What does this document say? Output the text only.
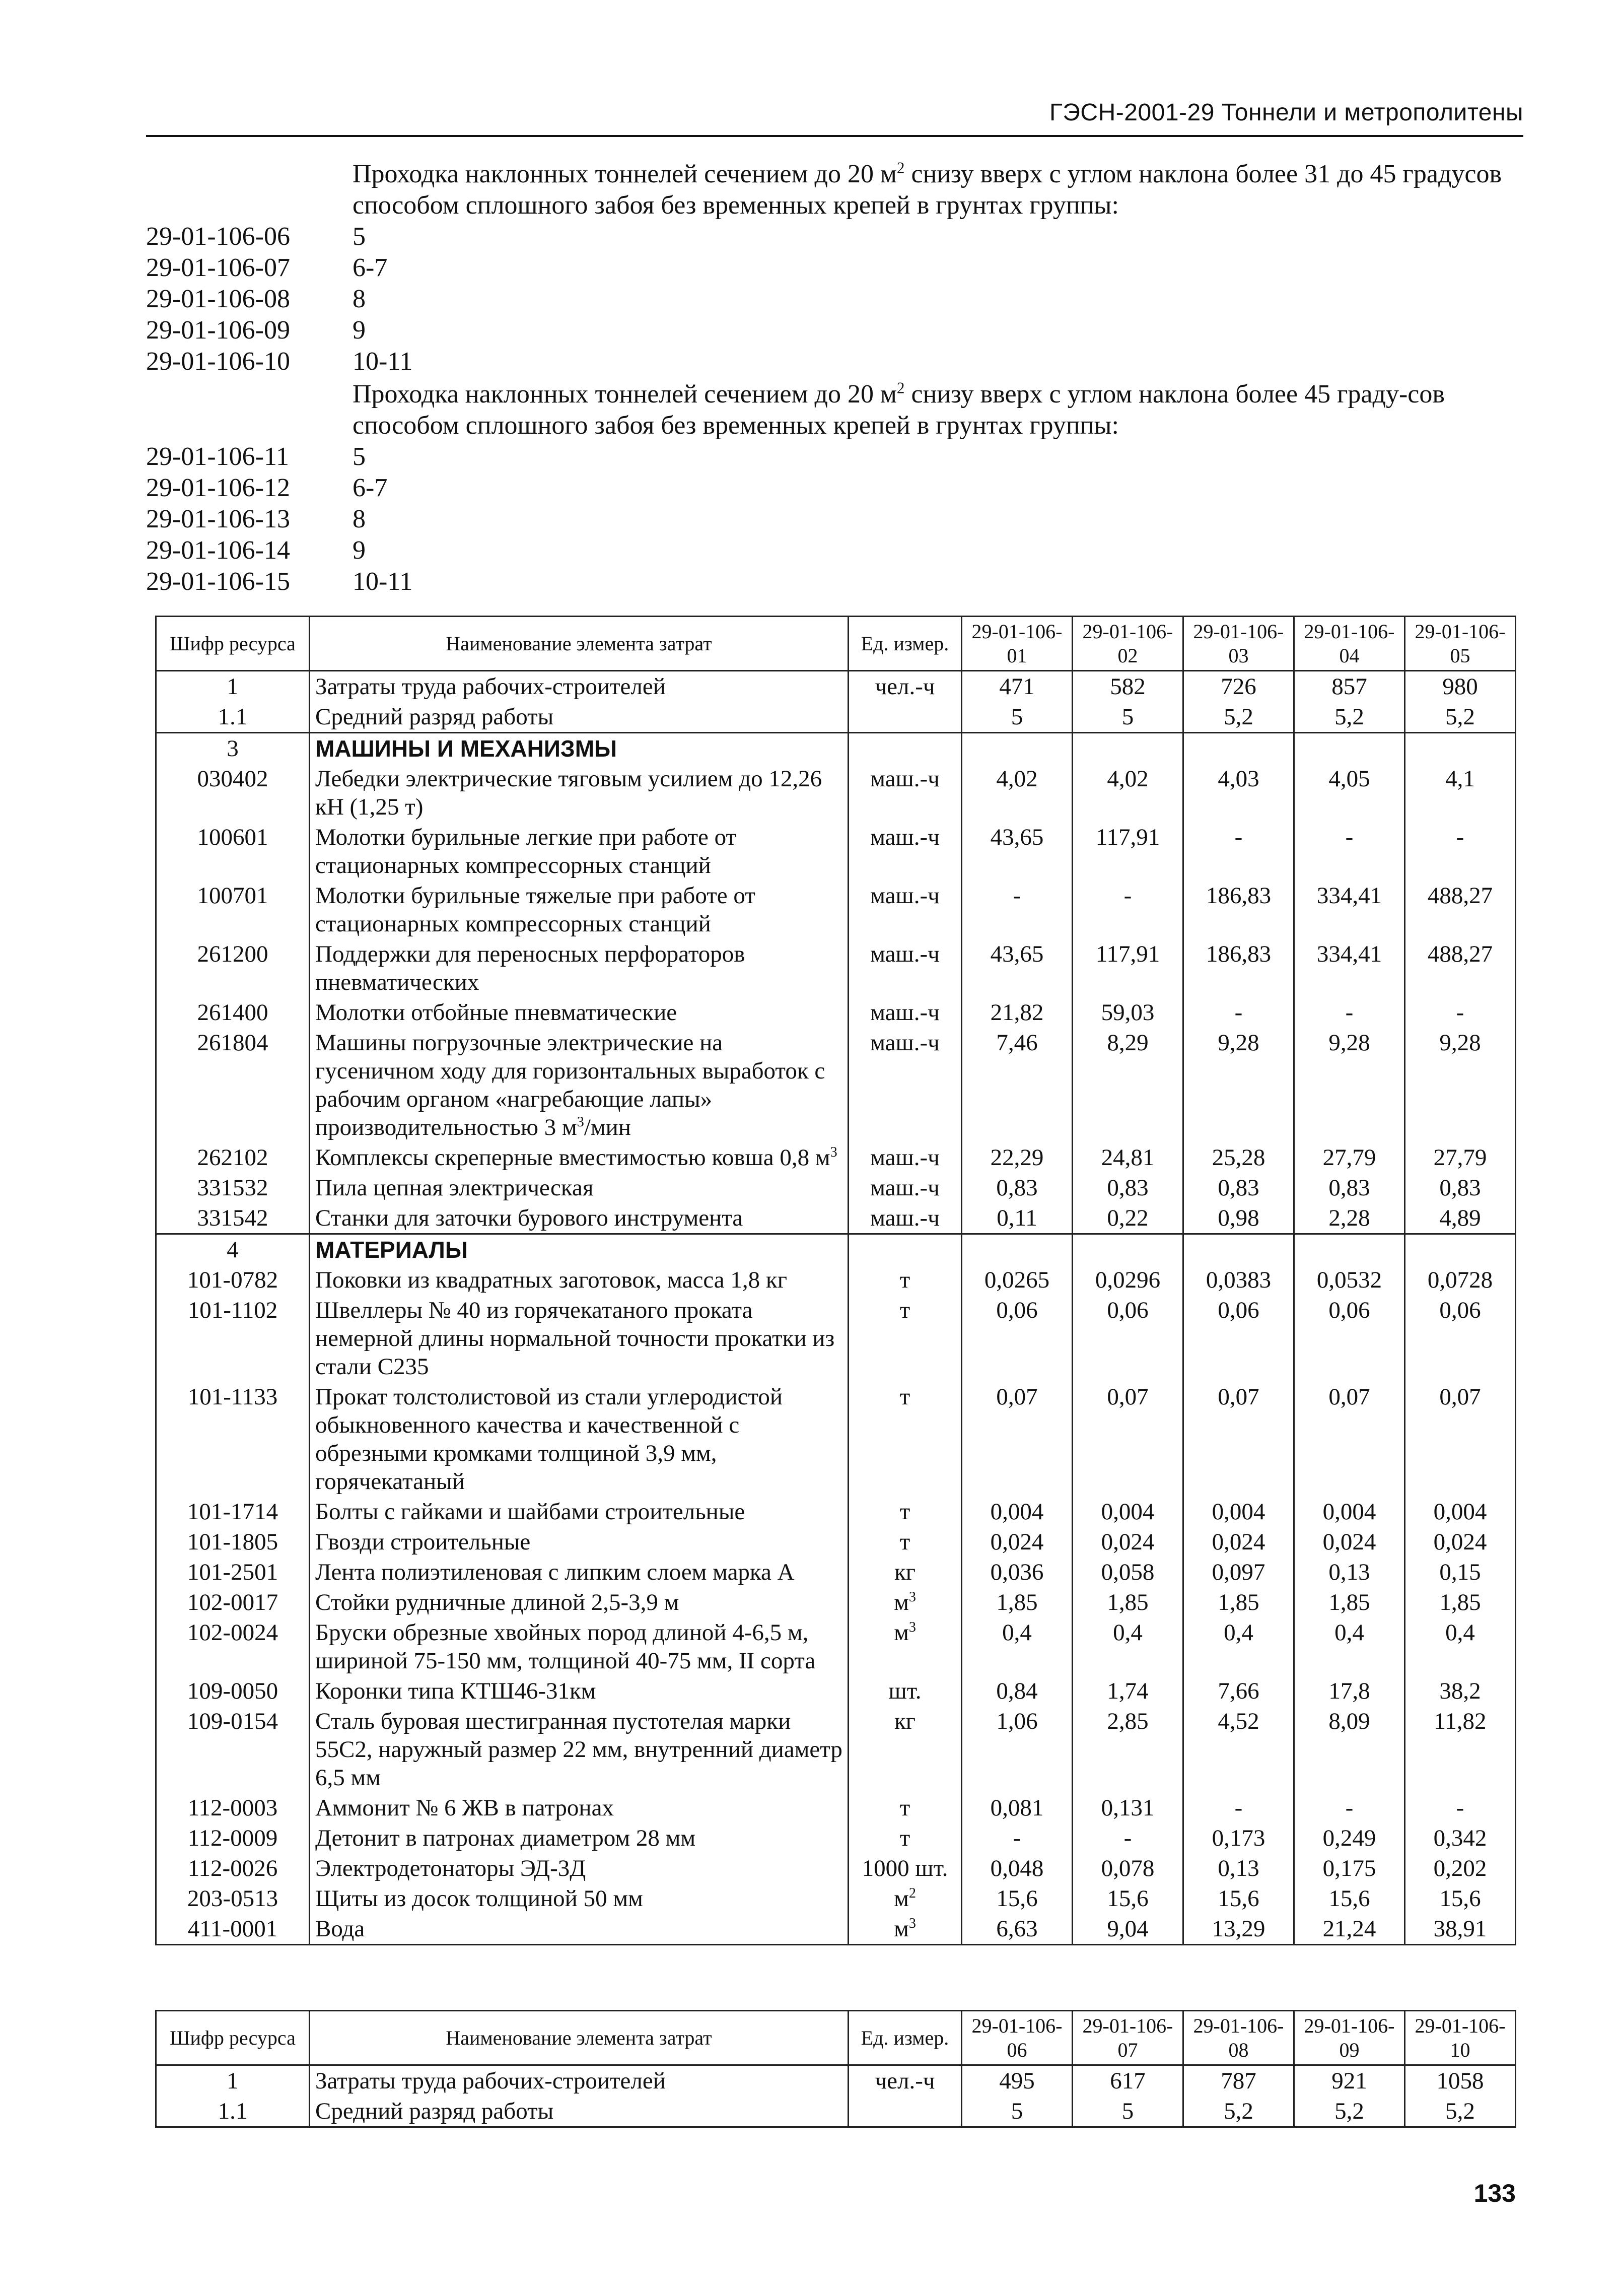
ГЭСН-2001-29 Тоннели и метрополитены
Проходка наклонных тоннелей сечением до 20 $м^2$ снизу вверх с углом наклона более 31 до 45 градусов способом сплошного забоя без временных крепей в грунтах группы:
29-01-106-06	5
29-01-106-07	6-7
29-01-106-08	8
29-01-106-09	9
29-01-106-10	10-11
Проходка наклонных тоннелей сечением до 20 $м^2$ снизу вверх с углом наклона более 45 граду-сов способом сплошного забоя без временных крепей в грунтах группы:
29-01-106-11	5
29-01-106-12	6-7
29-01-106-13	8
29-01-106-14	9
29-01-106-15	10-11
Шифр ресурса	Наименование элемента затрат	Ед. измер.	29-01-106-01	29-01-106-02	29-01-106-03	29-01-106-04	29-01-106-05
1	Затраты труда рабочих-строителей	чел.-ч	471	582	726	857	980
1.1	Средний разряд работы		5	5	5,2	5,2	5,2
3	МАШИНЫ И МЕХАНИЗМЫ						
030402	Лебедки электрические тяговым усилием до 12,26 кН (1,25 т)	маш.-ч	4,02	4,02	4,03	4,05	4,1
100601	Молотки бурильные легкие при работе от стационарных компрессорных станций	маш.-ч	43,65	117,91	-	-	-
100701	Молотки бурильные тяжелые при работе от стационарных компрессорных станций	маш.-ч	-	-	186,83	334,41	488,27
261200	Поддержки для переносных перфораторов пневматических	маш.-ч	43,65	117,91	186,83	334,41	488,27
261400	Молотки отбойные пневматические	маш.-ч	21,82	59,03	-	-	-
261804	Машины погрузочные электрические на гусеничном ходу для горизонтальных выработок с рабочим органом «нагребающие лапы» производительностью 3 $м^3$/мин	маш.-ч	7,46	8,29	9,28	9,28	9,28
262102	Комплексы скреперные вместимостью ковша 0,8 $м^3$	маш.-ч	22,29	24,81	25,28	27,79	27,79
331532	Пила цепная электрическая	маш.-ч	0,83	0,83	0,83	0,83	0,83
331542	Станки для заточки бурового инструмента	маш.-ч	0,11	0,22	0,98	2,28	4,89
4	МАТЕРИАЛЫ						
101-0782	Поковки из квадратных заготовок, масса 1,8 кг	т	0,0265	0,0296	0,0383	0,0532	0,0728
101-1102	Швеллеры № 40 из горячекатаного проката немерной длины нормальной точности прокатки из стали С235	т	0,06	0,06	0,06	0,06	0,06
101-1133	Прокат толстолистовой из стали углеродистой обыкновенного качества и качественной с обрезными кромками толщиной 3,9 мм, горячекатаный	т	0,07	0,07	0,07	0,07	0,07
101-1714	Болты с гайками и шайбами строительные	т	0,004	0,004	0,004	0,004	0,004
101-1805	Гвозди строительные	т	0,024	0,024	0,024	0,024	0,024
101-2501	Лента полиэтиленовая с липким слоем марка А	кг	0,036	0,058	0,097	0,13	0,15
102-0017	Стойки рудничные длиной 2,5-3,9 м	$м^3$	1,85	1,85	1,85	1,85	1,85
102-0024	Бруски обрезные хвойных пород длиной 4-6,5 м, шириной 75-150 мм, толщиной 40-75 мм, II сорта	$м^3$	0,4	0,4	0,4	0,4	0,4
109-0050	Коронки типа КТШ46-31км	шт.	0,84	1,74	7,66	17,8	38,2
109-0154	Сталь буровая шестигранная пустотелая марки 55С2, наружный размер 22 мм, внутренний диаметр 6,5 мм	кг	1,06	2,85	4,52	8,09	11,82
112-0003	Аммонит № 6 ЖВ в патронах	т	0,081	0,131	-	-	-
112-0009	Детонит в патронах диаметром 28 мм	т	-	-	0,173	0,249	0,342
112-0026	Электродетонаторы ЭД-3Д	1000 шт.	0,048	0,078	0,13	0,175	0,202
203-0513	Щиты из досок толщиной 50 мм	$м^2$	15,6	15,6	15,6	15,6	15,6
411-0001	Вода	$м^3$	6,63	9,04	13,29	21,24	38,91
Шифр ресурса	Наименование элемента затрат	Ед. измер.	29-01-106-06	29-01-106-07	29-01-106-08	29-01-106-09	29-01-106-10
1	Затраты труда рабочих-строителей	чел.-ч	495	617	787	921	1058
1.1	Средний разряд работы		5	5	5,2	5,2	5,2
133
